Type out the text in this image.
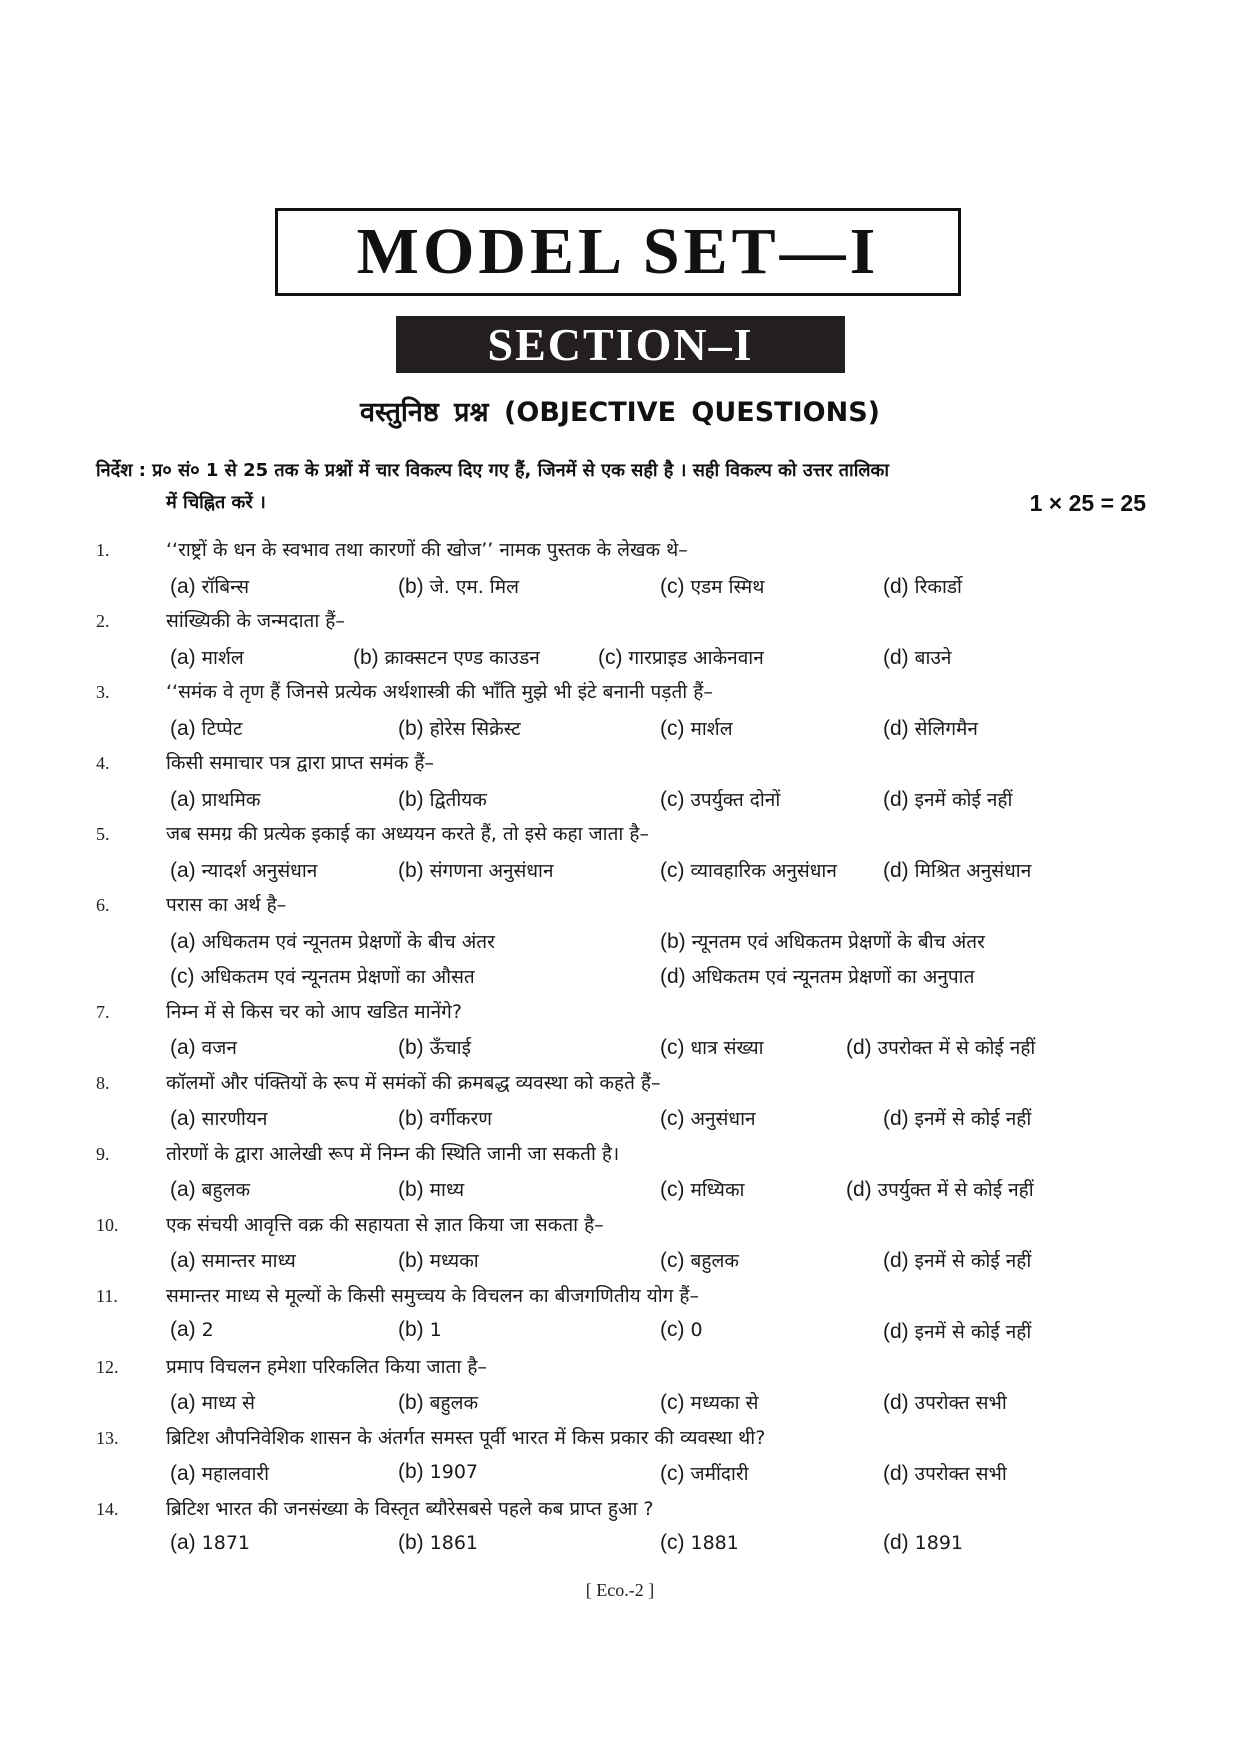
MODEL SET—I
SECTION–I
वस्तुनिष्ठ प्रश्न (OBJECTIVE QUESTIONS)
निर्देश : प्र० सं० 1 से 25 तक के प्रश्नों में चार विकल्प दिए गए हैं, जिनमें से एक सही है । सही विकल्प को उत्तर तालिका
में चिह्नित करें ।	1 × 25 = 25
1.	‘‘राष्ट्रों के धन के स्वभाव तथा कारणों की खोज’’ नामक पुस्तक के लेखक थे–
(a) रॉबिन्स	(b) जे. एम. मिल	(c) एडम स्मिथ	(d) रिकार्डो
2.	सांख्यिकी के जन्मदाता हैं–
(a) मार्शल	(b) क्राक्सटन एण्ड काउडन	(c) गारप्राइड आकेनवान	(d) बाउने
3.	‘‘समंक वे तृण हैं जिनसे प्रत्येक अर्थशास्त्री की भाँति मुझे भी इंटे बनानी पड़ती हैं–
(a) टिप्पेट	(b) होरेस सिक्रेस्ट	(c) मार्शल	(d) सेलिगमैन
4.	किसी समाचार पत्र द्वारा प्राप्त समंक हैं–
(a) प्राथमिक	(b) द्वितीयक	(c) उपर्युक्त दोनों	(d) इनमें कोई नहीं
5.	जब समग्र की प्रत्येक इकाई का अध्ययन करते हैं, तो इसे कहा जाता है–
(a) न्यादर्श अनुसंधान	(b) संगणना अनुसंधान	(c) व्यावहारिक अनुसंधान (d) मिश्रित अनुसंधान
6.	परास का अर्थ है–
(a) अधिकतम एवं न्यूनतम प्रेक्षणों के बीच अंतर	(b) न्यूनतम एवं अधिकतम प्रेक्षणों के बीच अंतर
(c) अधिकतम एवं न्यूनतम प्रेक्षणों का औसत	(d) अधिकतम एवं न्यूनतम प्रेक्षणों का अनुपात
7.	निम्न में से किस चर को आप खडित मानेंगे?
(a) वजन	(b) ऊँचाई	(c) धात्र संख्या	(d) उपरोक्त में से कोई नहीं
8.	कॉलमों और पंक्तियों के रूप में समंकों की क्रमबद्ध व्यवस्था को कहते हैं–
(a) सारणीयन	(b) वर्गीकरण	(c) अनुसंधान	(d) इनमें से कोई नहीं
9.	तोरणों के द्वारा आलेखी रूप में निम्न की स्थिति जानी जा सकती है।
(a) बहुलक	(b) माध्य	(c) मध्यिका	(d) उपर्युक्त में से कोई नहीं
10.	एक संचयी आवृत्ति वक्र की सहायता से ज्ञात किया जा सकता है–
(a) समान्तर माध्य	(b) मध्यका	(c) बहुलक	(d) इनमें से कोई नहीं
11.	समान्तर माध्य से मूल्यों के किसी समुच्चय के विचलन का बीजगणितीय योग हैं–
(a) 2	(b) 1	(c) 0	(d) इनमें से कोई नहीं
12.	प्रमाप विचलन हमेशा परिकलित किया जाता है–
(a) माध्य से	(b) बहुलक	(c) मध्यका से	(d) उपरोक्त सभी
13.	ब्रिटिश औपनिवेशिक शासन के अंतर्गत समस्त पूर्वी भारत में किस प्रकार की व्यवस्था थी?
(a) महालवारी	(b) 1907	(c) जमींदारी	(d) उपरोक्त सभी
14.	ब्रिटिश भारत की जनसंख्या के विस्तृत ब्यौरेसबसे पहले कब प्राप्त हुआ ?
(a) 1871	(b) 1861	(c) 1881	(d) 1891
[ Eco.-2 ]
